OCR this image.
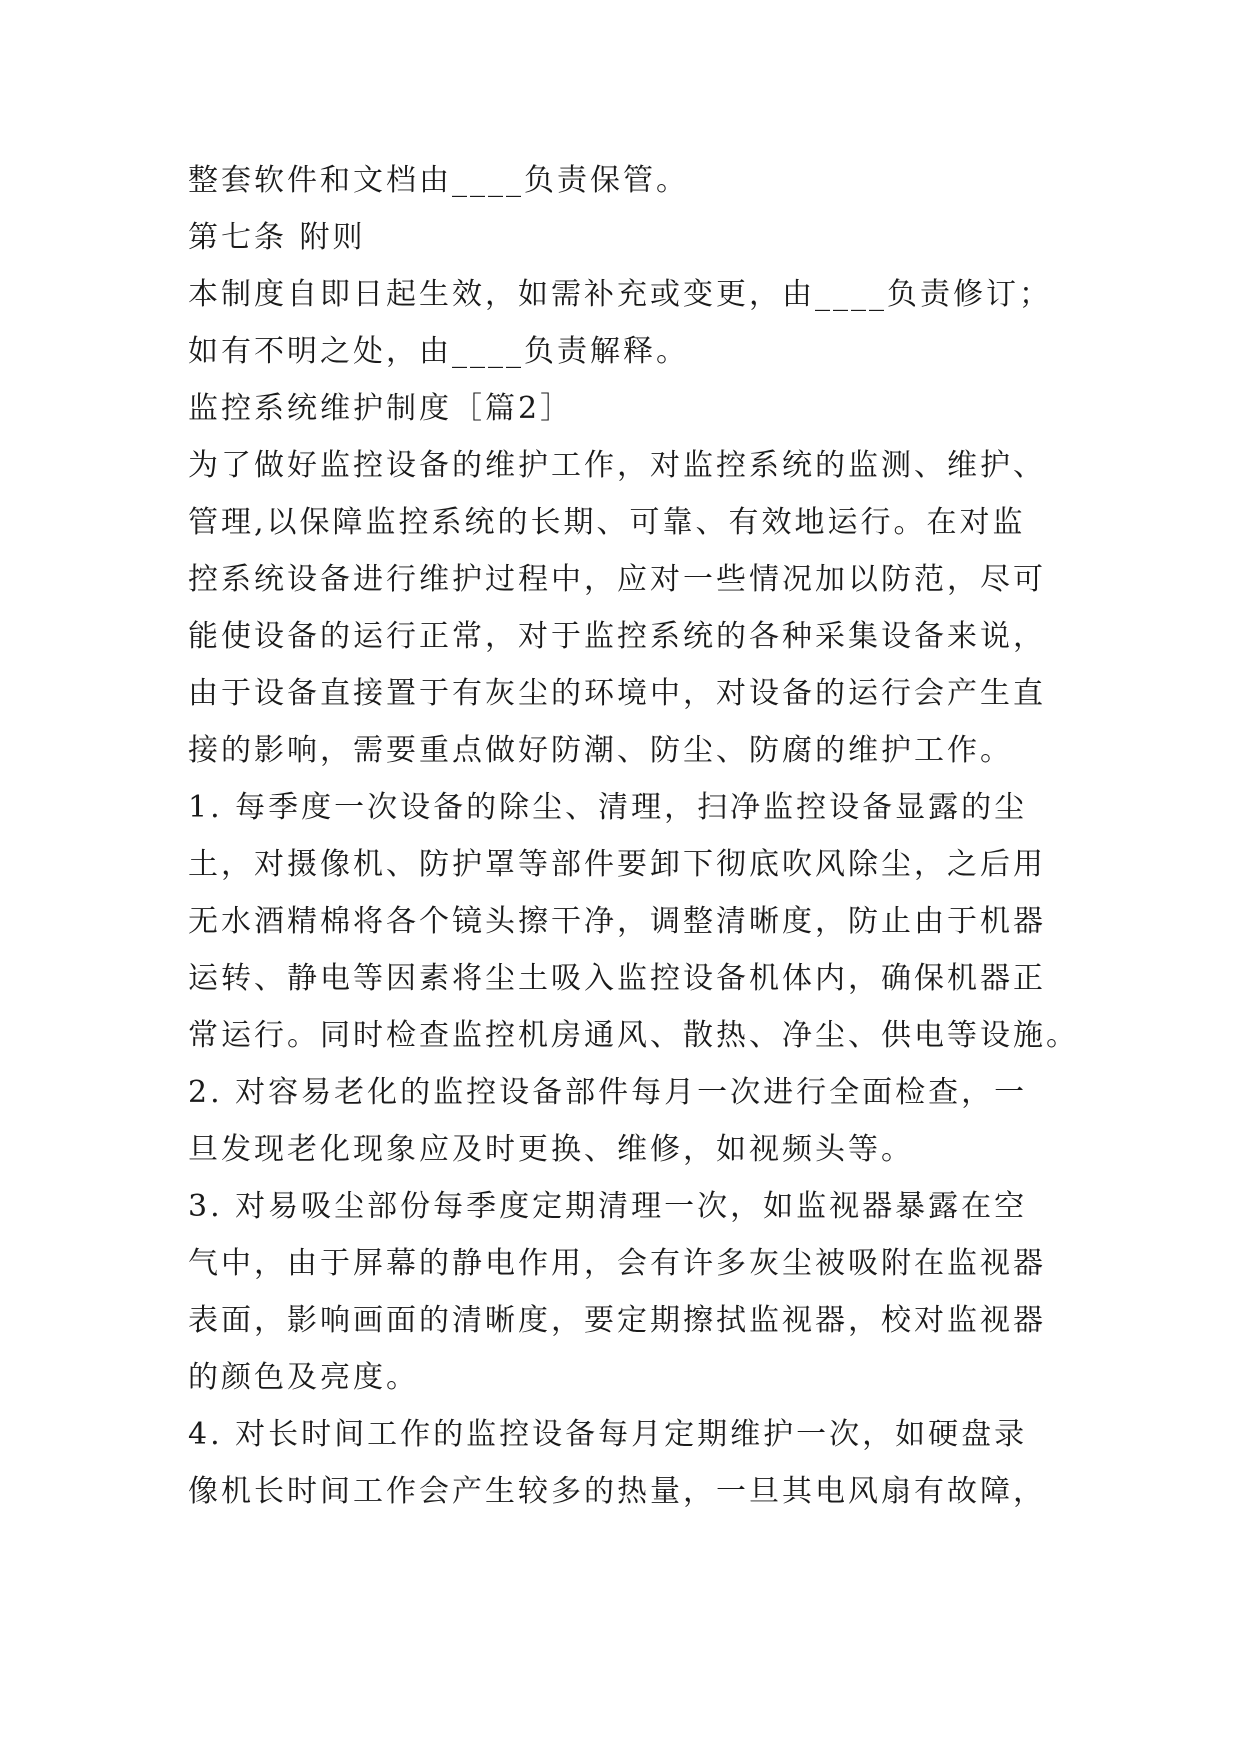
整套软件和文档由____负责保管。
第七条 附则
本制度自即日起生效，如需补充或变更，由____负责修订；
如有不明之处，由____负责解释。
监控系统维护制度［篇2］
为了做好监控设备的维护工作，对监控系统的监测、维护、
管理,以保障监控系统的长期、可靠、有效地运行。在对监
控系统设备进行维护过程中，应对一些情况加以防范，尽可
能使设备的运行正常，对于监控系统的各种采集设备来说，
由于设备直接置于有灰尘的环境中，对设备的运行会产生直
接的影响，需要重点做好防潮、防尘、防腐的维护工作。
1. 每季度一次设备的除尘、清理，扫净监控设备显露的尘
土，对摄像机、防护罩等部件要卸下彻底吹风除尘，之后用
无水酒精棉将各个镜头擦干净，调整清晰度，防止由于机器
运转、静电等因素将尘土吸入监控设备机体内，确保机器正
常运行。同时检查监控机房通风、散热、净尘、供电等设施。
2. 对容易老化的监控设备部件每月一次进行全面检查，一
旦发现老化现象应及时更换、维修，如视频头等。
3. 对易吸尘部份每季度定期清理一次，如监视器暴露在空
气中，由于屏幕的静电作用，会有许多灰尘被吸附在监视器
表面，影响画面的清晰度，要定期擦拭监视器，校对监视器
的颜色及亮度。
4. 对长时间工作的监控设备每月定期维护一次，如硬盘录
像机长时间工作会产生较多的热量，一旦其电风扇有故障，
